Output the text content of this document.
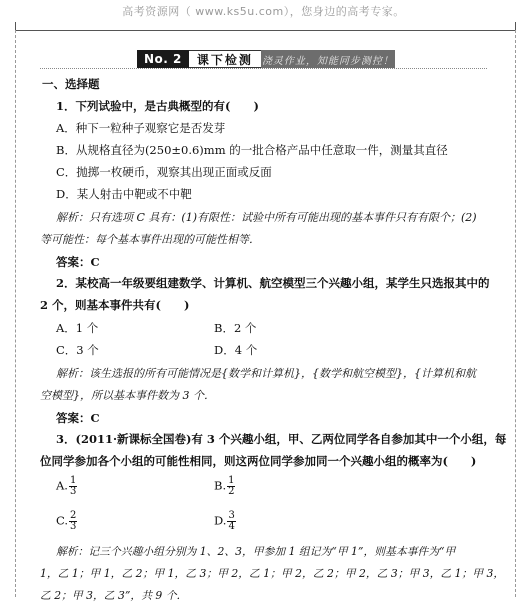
高考资源网（ www.ks5u.com），您身边的高考专家。
No. 2	课下检测 浇灵作业，知能同步测控！
一、选择题
1．下列试验中，是古典概型的有(　　)
A．种下一粒种子观察它是否发芽
B．从规格直径为(250±0.6)mm 的一批合格产品中任意取一件，测量其直径
C．抛掷一枚硬币，观察其出现正面或反面
D．某人射击中靶或不中靶
解析：只有选项 C 具有：(1)有限性：试验中所有可能出现的基本事件只有有限个；(2)
等可能性：每个基本事件出现的可能性相等．
答案：C
2．某校高一年级要组建数学、计算机、航空模型三个兴趣小组，某学生只选报其中的
2 个，则基本事件共有(　　)
A．1 个	B．2 个
C．3 个	D．4 个
解析：该生选报的所有可能情况是{数学和计算机}，{数学和航空模型}，{计算机和航
空模型}，所以基本事件数为 3 个．
答案：C
3．(2011·新课标全国卷)有 3 个兴趣小组，甲、乙两位同学各自参加其中一个小组，每
位同学参加各个小组的可能性相同，则这两位同学参加同一个兴趣小组的概率为(　　)
A. $\frac{1}{3}$	B. $\frac{1}{2}$
C. $\frac{2}{3}$	D. $\frac{3}{4}$
解析：记三个兴趣小组分别为 1、2、3，甲参加 1 组记为“甲 1”，则基本事件为“甲
1，乙 1；甲 1，乙 2；甲 1，乙 3；甲 2，乙 1；甲 2，乙 2；甲 2，乙 3；甲 3，乙 1；甲 3，
乙 2；甲 3，乙 3”，共 9 个．
